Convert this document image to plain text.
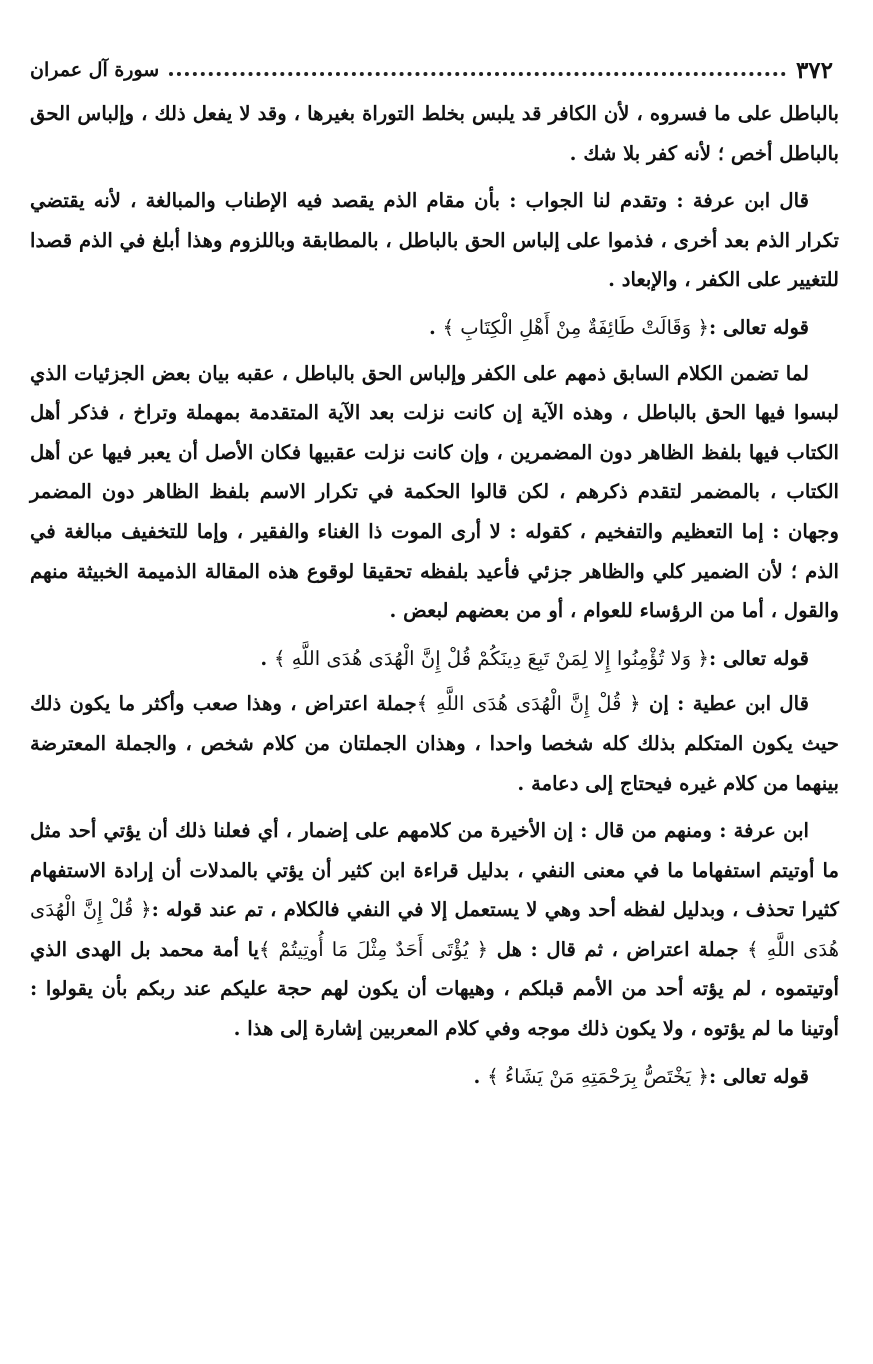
٣٧٢
سورة آل عمران

بالباطل على ما فسروه ، لأن الكافر قد يلبس بخلط التوراة بغيرها ، وقد لا يفعل ذلك ، وإلباس الحق بالباطل أخص ؛ لأنه كفر بلا شك .

قال ابن عرفة : وتقدم لنا الجواب : بأن مقام الذم يقصد فيه الإطناب والمبالغة ، لأنه يقتضي تكرار الذم بعد أخرى ، فذموا على إلباس الحق بالباطل ، بالمطابقة وباللزوم وهذا أبلغ في الذم قصدا للتغيير على الكفر ، والإبعاد .

قوله تعالى :﴿ وَقَالَتْ طَائِفَةٌ مِنْ أَهْلِ الْكِتَابِ ﴾ .

لما تضمن الكلام السابق ذمهم على الكفر وإلباس الحق بالباطل ، عقبه بيان بعض الجزئيات الذي لبسوا فيها الحق بالباطل ، وهذه الآية إن كانت نزلت بعد الآية المتقدمة بمهملة وتراخ ، فذكر أهل الكتاب فيها بلفظ الظاهر دون المضمرين ، وإن كانت نزلت عقبيها فكان الأصل أن يعبر فيها عن أهل الكتاب ، بالمضمر لتقدم ذكرهم ، لكن قالوا الحكمة في تكرار الاسم بلفظ الظاهر دون المضمر وجهان : إما التعظيم والتفخيم ، كقوله : لا أرى الموت ذا الغناء والفقير ، وإما للتخفيف مبالغة في الذم ؛ لأن الضمير كلي والظاهر جزئي فأعيد بلفظه تحقيقا لوقوع هذه المقالة الذميمة الخبيثة منهم والقول ، أما من الرؤساء للعوام ، أو من بعضهم لبعض .

قوله تعالى :﴿ وَلا تُؤْمِنُوا إِلا لِمَنْ تَبِعَ دِينَكُمْ قُلْ إِنَّ الْهُدَى هُدَى اللَّهِ ﴾ .

قال ابن عطية : إن ﴿ قُلْ إِنَّ الْهُدَى هُدَى اللَّهِ ﴾جملة اعتراض ، وهذا صعب وأكثر ما يكون ذلك حيث يكون المتكلم بذلك كله شخصا واحدا ، وهذان الجملتان من كلام شخص ، والجملة المعترضة بينهما من كلام غيره فيحتاج إلى دعامة .

ابن عرفة : ومنهم من قال : إن الأخيرة من كلامهم على إضمار ، أي فعلنا ذلك أن يؤتي أحد مثل ما أوتيتم استفهاما ما في معنى النفي ، بدليل قراءة ابن كثير أن يؤتي بالمدلات أن إرادة الاستفهام كثيرا تحذف ، وبدليل لفظه أحد وهي لا يستعمل إلا في النفي فالكلام ، تم عند قوله :﴿ قُلْ إِنَّ الْهُدَى هُدَى اللَّهِ ﴾ جملة اعتراض ، ثم قال : هل ﴿ يُؤْتَى أَحَدٌ مِثْلَ مَا أُوتِيتُمْ ﴾يا أمة محمد بل الهدى الذي أوتيتموه ، لم يؤته أحد من الأمم قبلكم ، وهيهات أن يكون لهم حجة عليكم عند ربكم بأن يقولوا : أوتينا ما لم يؤتوه ، ولا يكون ذلك موجه وفي كلام المعربين إشارة إلى هذا .

قوله تعالى :﴿ يَخْتَصُّ بِرَحْمَتِهِ مَنْ يَشَاءُ ﴾ .
